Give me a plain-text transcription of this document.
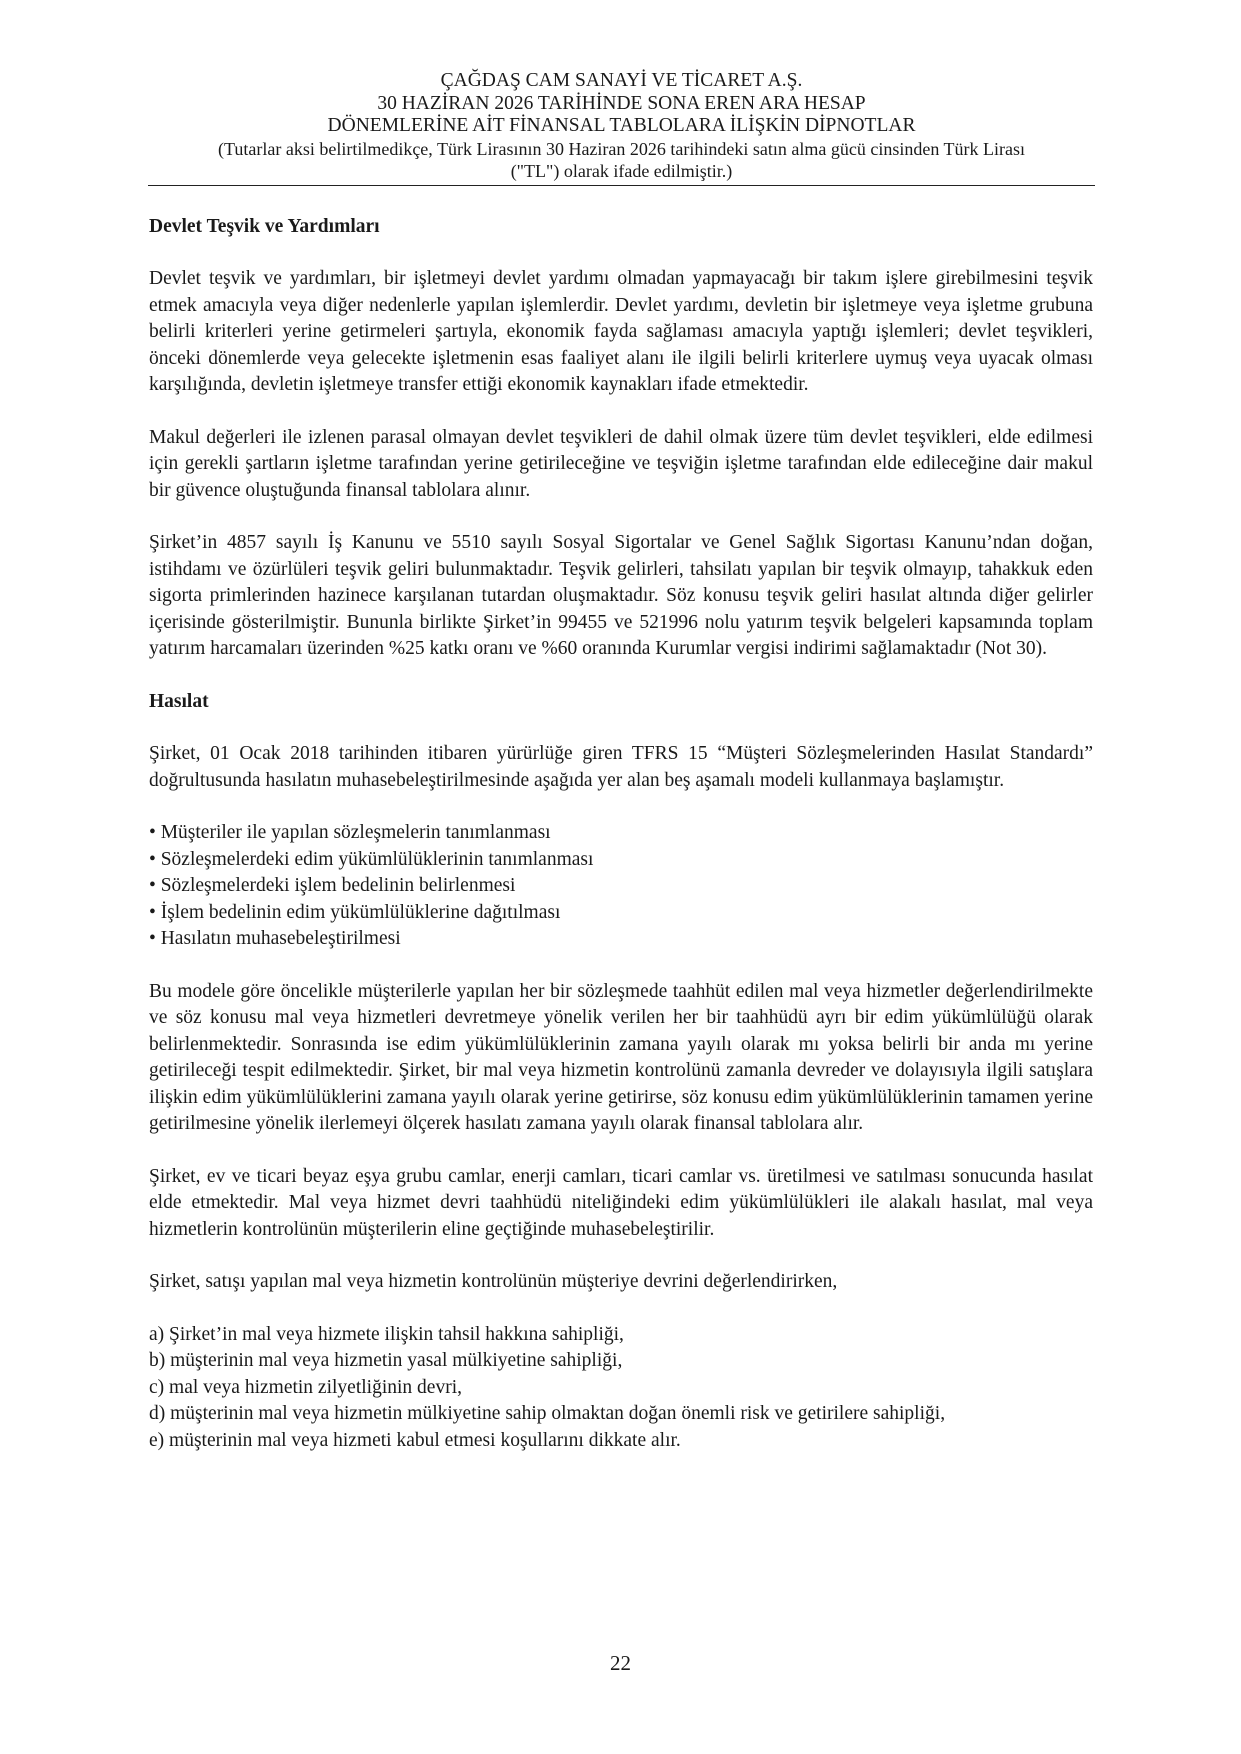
ÇAĞDAŞ CAM SANAYİ VE TİCARET A.Ş.
30 HAZİRAN 2026 TARİHİNDE SONA EREN ARA HESAP
DÖNEMLERİNE AİT FİNANSAL TABLOLARA İLİŞKİN DİPNOTLAR
(Tutarlar aksi belirtilmedikçe, Türk Lirasının 30 Haziran 2026 tarihindeki satın alma gücü cinsinden Türk Lirası
("TL") olarak ifade edilmiştir.)
Devlet Teşvik ve Yardımları

Devlet teşvik ve yardımları, bir işletmeyi devlet yardımı olmadan yapmayacağı bir takım işlere girebilmesini teşvik etmek amacıyla veya diğer nedenlerle yapılan işlemlerdir. Devlet yardımı, devletin bir işletmeye veya işletme grubuna belirli kriterleri yerine getirmeleri şartıyla, ekonomik fayda sağlaması amacıyla yaptığı işlemleri; devlet teşvikleri, önceki dönemlerde veya gelecekte işletmenin esas faaliyet alanı ile ilgili belirli kriterlere uymuş veya uyacak olması karşılığında, devletin işletmeye transfer ettiği ekonomik kaynakları ifade etmektedir.

Makul değerleri ile izlenen parasal olmayan devlet teşvikleri de dahil olmak üzere tüm devlet teşvikleri, elde edilmesi için gerekli şartların işletme tarafından yerine getirileceğine ve teşviğin işletme tarafından elde edileceğine dair makul bir güvence oluştuğunda finansal tablolara alınır.

Şirket’in 4857 sayılı İş Kanunu ve 5510 sayılı Sosyal Sigortalar ve Genel Sağlık Sigortası Kanunu’ndan doğan, istihdamı ve özürlüleri teşvik geliri bulunmaktadır. Teşvik gelirleri, tahsilatı yapılan bir teşvik olmayıp, tahakkuk eden sigorta primlerinden hazinece karşılanan tutardan oluşmaktadır. Söz konusu teşvik geliri hasılat altında diğer gelirler içerisinde gösterilmiştir. Bununla birlikte Şirket’in 99455 ve 521996 nolu yatırım teşvik belgeleri kapsamında toplam yatırım harcamaları üzerinden %25 katkı oranı ve %60 oranında Kurumlar vergisi indirimi sağlamaktadır (Not 30).

Hasılat

Şirket, 01 Ocak 2018 tarihinden itibaren yürürlüğe giren TFRS 15 “Müşteri Sözleşmelerinden Hasılat Standardı” doğrultusunda hasılatın muhasebeleştirilmesinde aşağıda yer alan beş aşamalı modeli kullanmaya başlamıştır.

• Müşteriler ile yapılan sözleşmelerin tanımlanması
• Sözleşmelerdeki edim yükümlülüklerinin tanımlanması
• Sözleşmelerdeki işlem bedelinin belirlenmesi
• İşlem bedelinin edim yükümlülüklerine dağıtılması
• Hasılatın muhasebeleştirilmesi

Bu modele göre öncelikle müşterilerle yapılan her bir sözleşmede taahhüt edilen mal veya hizmetler değerlendirilmekte ve söz konusu mal veya hizmetleri devretmeye yönelik verilen her bir taahhüdü ayrı bir edim yükümlülüğü olarak belirlenmektedir. Sonrasında ise edim yükümlülüklerinin zamana yayılı olarak mı yoksa belirli bir anda mı yerine getirileceği tespit edilmektedir. Şirket, bir mal veya hizmetin kontrolünü zamanla devreder ve dolayısıyla ilgili satışlara ilişkin edim yükümlülüklerini zamana yayılı olarak yerine getirirse, söz konusu edim yükümlülüklerinin tamamen yerine getirilmesine yönelik ilerlemeyi ölçerek hasılatı zamana yayılı olarak finansal tablolara alır.

Şirket, ev ve ticari beyaz eşya grubu camlar, enerji camları, ticari camlar vs. üretilmesi ve satılması sonucunda hasılat elde etmektedir. Mal veya hizmet devri taahhüdü niteliğindeki edim yükümlülükleri ile alakalı hasılat, mal veya hizmetlerin kontrolünün müşterilerin eline geçtiğinde muhasebeleştirilir.

Şirket, satışı yapılan mal veya hizmetin kontrolünün müşteriye devrini değerlendirirken,

a) Şirket’in mal veya hizmete ilişkin tahsil hakkına sahipliği,
b) müşterinin mal veya hizmetin yasal mülkiyetine sahipliği,
c) mal veya hizmetin zilyetliğinin devri,
d) müşterinin mal veya hizmetin mülkiyetine sahip olmaktan doğan önemli risk ve getirilere sahipliği,
e) müşterinin mal veya hizmeti kabul etmesi koşullarını dikkate alır.
22
